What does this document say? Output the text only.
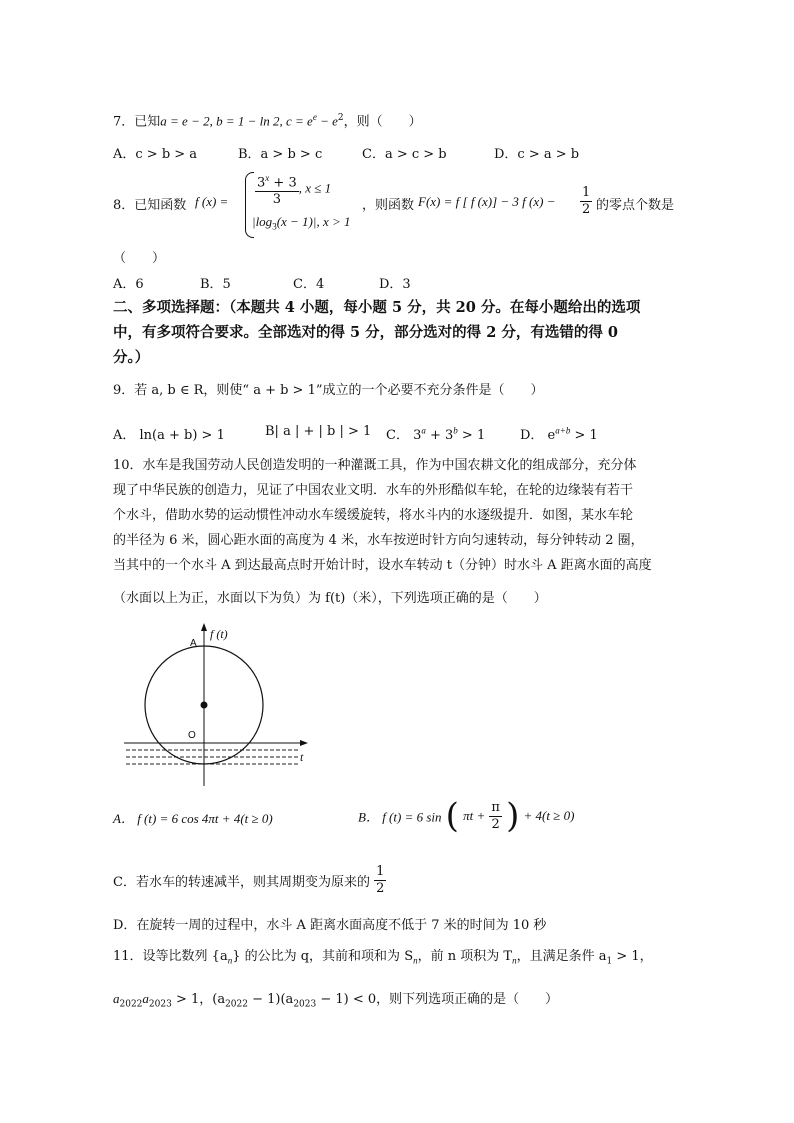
7．已知a = e − 2, b = 1 − ln 2, $c = e^e - e^2$，则（　　）
A．c > b > a	B．a > b > c	C．a > c > b	D．c > a > b
8．已知函数 f $(x) = \frac{3^x + 3}{3}$ , x ≤ 1
$|\log_3(x - 1)|$, x > 1
，则函数 F(x) = f [ f (x)] − 3 f $(x) - \frac{1}{2}$ 的零点个数是
（　　）
A．6	B．5	C．4	D．3
二、多项选择题：（本题共 4 小题，每小题 5 分，共 20 分。在每小题给出的选项
中，有多项符合要求。全部选对的得 5 分，部分选对的得 2 分，有选错的得 0
分。）
9．若 a, b ∈ R，则使“ a + b > 1”成立的一个必要不充分条件是（　　）
A． ln(a + b) > 1	B| a | + | b | > 1 C． $3^a + 3^b > 1$	D． $e^{a+b} > 1$
10．水车是我国劳动人民创造发明的一种灌溉工具，作为中国农耕文化的组成部分，充分体
现了中华民族的创造力，见证了中国农业文明．水车的外形酷似车轮，在轮的边缘装有若干
个水斗，借助水势的运动惯性冲动水车缓缓旋转，将水斗内的水逐级提升．如图，某水车轮
的半径为 6 米，圆心距水面的高度为 4 米，水车按逆时针方向匀速转动，每分钟转动 2 圈，
当其中的一个水斗 A 到达最高点时开始计时，设水车转动 t（分钟）时水斗 A 距离水面的高度
（水面以上为正，水面以下为负）为 f(t)（米），下列选项正确的是（　　）
f (t)
t
A
O
A． f (t) = 6 cos 4πt + 4(t ≥ 0)	B． f (t) = 6 sin ( $\pi t + \frac{\pi}{2}$ ) + 4(t ≥ 0)
C．若水车的转速减半，则其周期变为原来的 $\frac{1}{2}$
D．在旋转一周的过程中，水斗 A 距离水面高度不低于 7 米的时间为 10 秒
11．设等比数列 $\{a_n\}$ 的公比为 q，其前和项和为 $S_n$，前 n 项积为 $T_n$，且满足条件 $a_1 > 1$，
$a_{2022}a_{2023} > 1$，$(a_{2022} - 1)(a_{2023} - 1) < 0$，则下列选项正确的是（　　）
